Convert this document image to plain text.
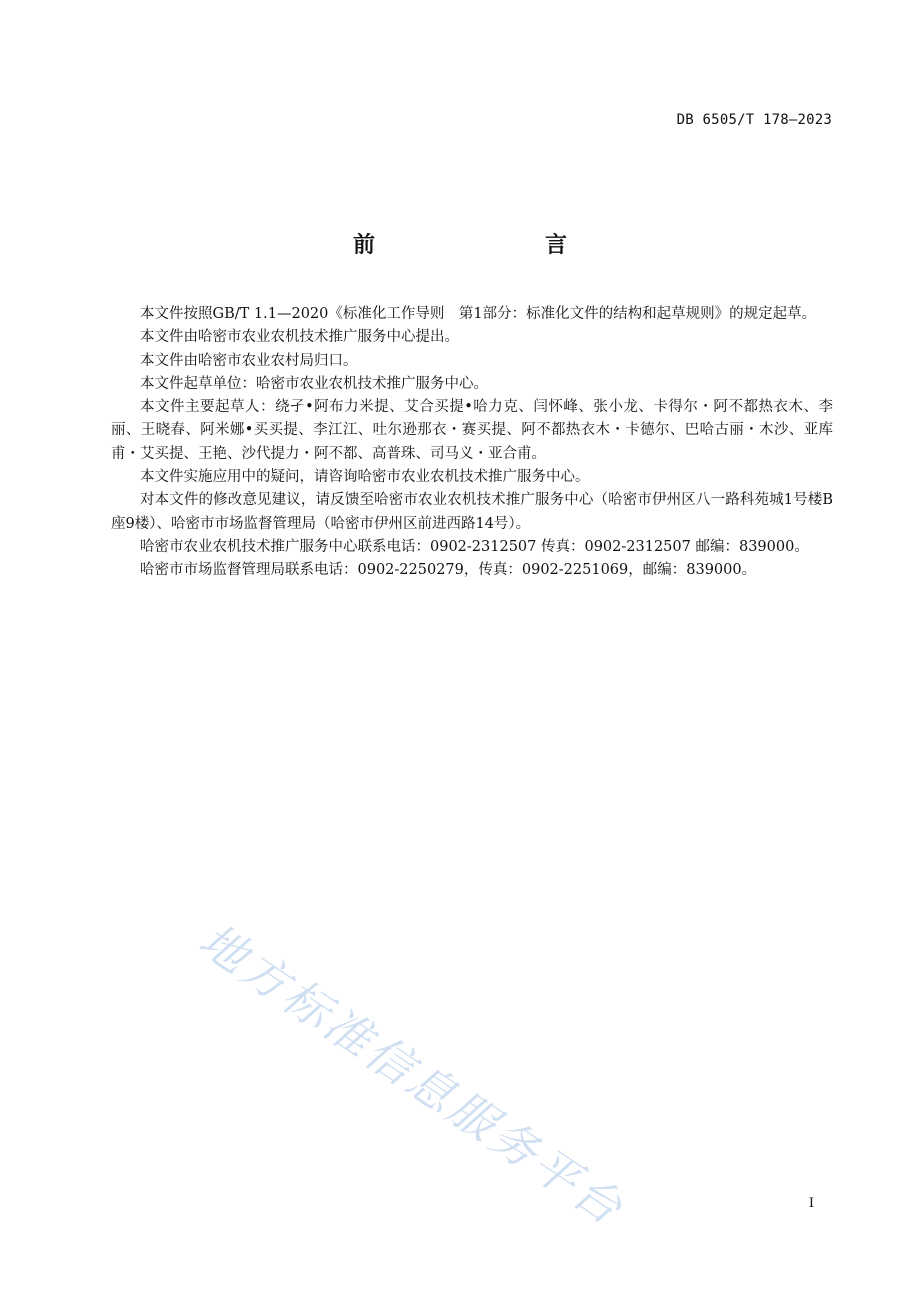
DB 6505/T 178—2023
前　　言

本文件按照GB/T 1.1—2020《标准化工作导则　第1部分：标准化文件的结构和起草规则》的规定起草。

本文件由哈密市农业农机技术推广服务中心提出。

本文件由哈密市农业农村局归口。

本文件起草单位：哈密市农业农机技术推广服务中心。

本文件主要起草人：绕孑•阿布力米提、艾合买提•哈力克、闫怀峰、张小龙、卡得尔・阿不都热衣木、李丽、王晓春、阿米娜•买买提、李江江、吐尔逊那衣・赛买提、阿不都热衣木・卡德尔、巴哈古丽・木沙、亚库甫・艾买提、王艳、沙代提力・阿不都、高普珠、司马义・亚合甫。

本文件实施应用中的疑问，请咨询哈密市农业农机技术推广服务中心。

对本文件的修改意见建议，请反馈至哈密市农业农机技术推广服务中心（哈密市伊州区八一路科苑城1号楼B座9楼）、哈密市市场监督管理局（哈密市伊州区前进西路14号）。

哈密市农业农机技术推广服务中心联系电话：0902-2312507 传真：0902-2312507 邮编：839000。

哈密市市场监督管理局联系电话：0902-2250279，传真：0902-2251069，邮编：839000。

地方标准信息服务平台	I
